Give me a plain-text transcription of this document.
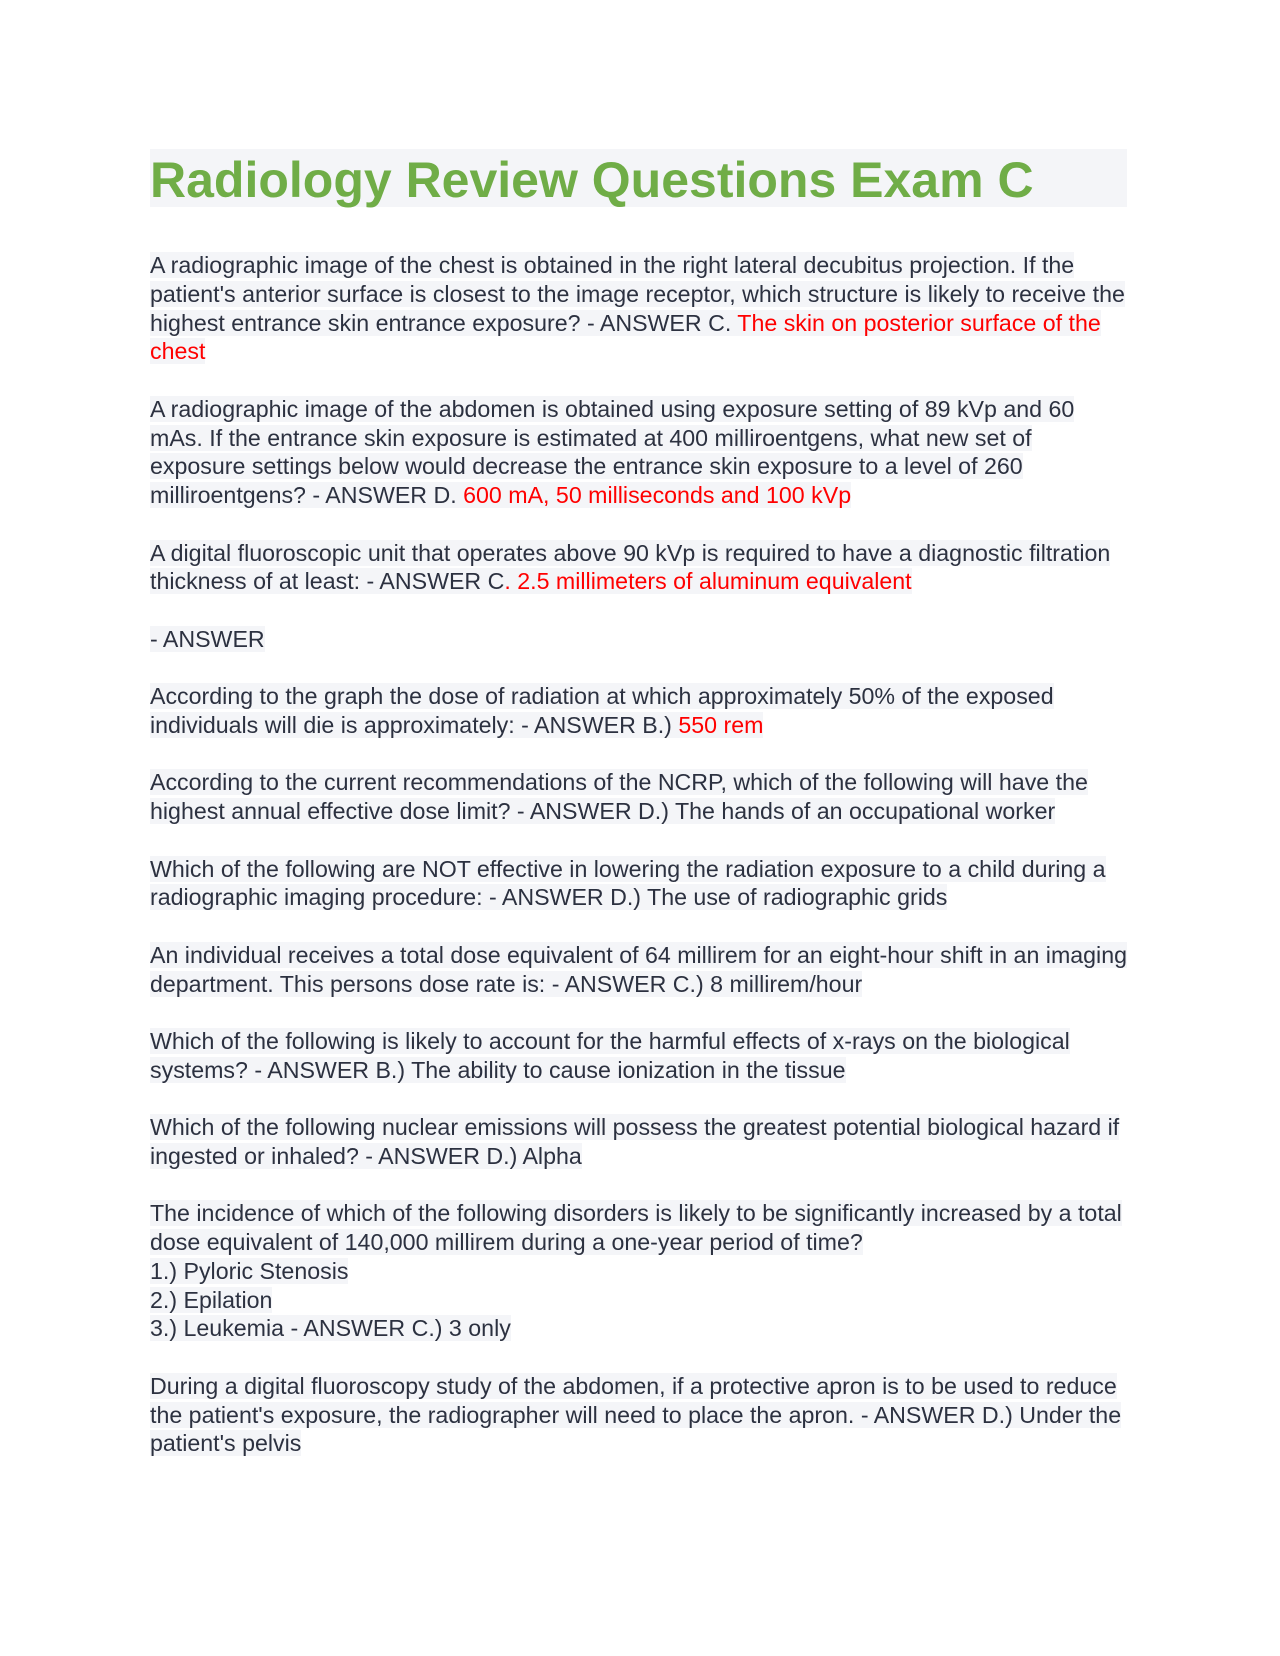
Radiology Review Questions Exam C

A radiographic image of the chest is obtained in the right lateral decubitus projection. If the patient's anterior surface is closest to the image receptor, which structure is likely to receive the highest entrance skin entrance exposure? - ANSWER C. The skin on posterior surface of the chest

A radiographic image of the abdomen is obtained using exposure setting of 89 kVp and 60 mAs. If the entrance skin exposure is estimated at 400 milliroentgens, what new set of exposure settings below would decrease the entrance skin exposure to a level of 260 milliroentgens? - ANSWER D. 600 mA, 50 milliseconds and 100 kVp

A digital fluoroscopic unit that operates above 90 kVp is required to have a diagnostic filtration thickness of at least: - ANSWER C. 2.5 millimeters of aluminum equivalent

- ANSWER

According to the graph the dose of radiation at which approximately 50% of the exposed individuals will die is approximately: - ANSWER B.) 550 rem

According to the current recommendations of the NCRP, which of the following will have the highest annual effective dose limit? - ANSWER D.) The hands of an occupational worker

Which of the following are NOT effective in lowering the radiation exposure to a child during a radiographic imaging procedure: - ANSWER D.) The use of radiographic grids

An individual receives a total dose equivalent of 64 millirem for an eight-hour shift in an imaging department. This persons dose rate is: - ANSWER C.) 8 millirem/hour

Which of the following is likely to account for the harmful effects of x-rays on the biological systems? - ANSWER B.) The ability to cause ionization in the tissue

Which of the following nuclear emissions will possess the greatest potential biological hazard if ingested or inhaled? - ANSWER D.) Alpha

The incidence of which of the following disorders is likely to be significantly increased by a total dose equivalent of 140,000 millirem during a one-year period of time?
1.) Pyloric Stenosis
2.) Epilation
3.) Leukemia - ANSWER C.) 3 only

During a digital fluoroscopy study of the abdomen, if a protective apron is to be used to reduce the patient's exposure, the radiographer will need to place the apron. - ANSWER D.) Under the patient's pelvis
